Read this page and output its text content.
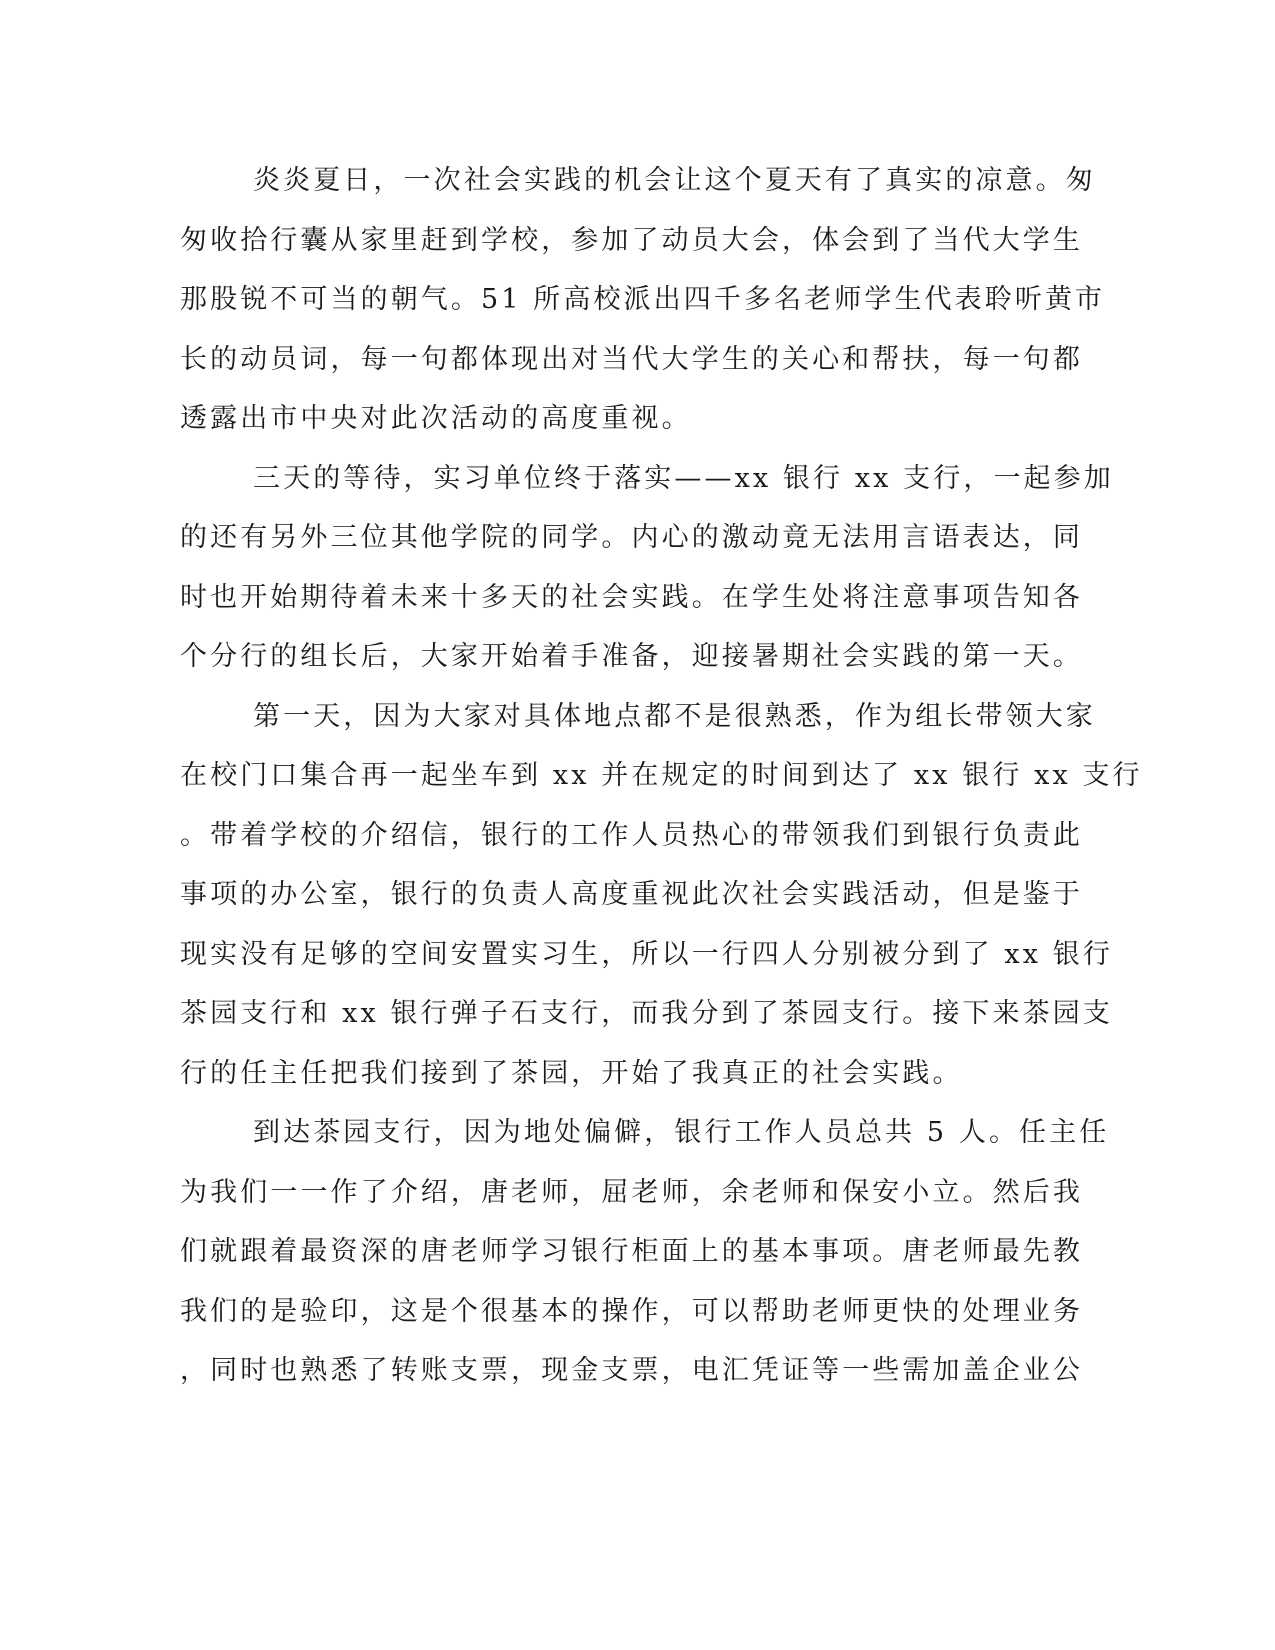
炎炎夏日，一次社会实践的机会让这个夏天有了真实的凉意。匆
匆收拾行囊从家里赶到学校，参加了动员大会，体会到了当代大学生
那股锐不可当的朝气。51 所高校派出四千多名老师学生代表聆听黄市
长的动员词，每一句都体现出对当代大学生的关心和帮扶，每一句都
透露出市中央对此次活动的高度重视。
三天的等待，实习单位终于落实——xx 银行 xx 支行，一起参加
的还有另外三位其他学院的同学。内心的激动竟无法用言语表达，同
时也开始期待着未来十多天的社会实践。在学生处将注意事项告知各
个分行的组长后，大家开始着手准备，迎接暑期社会实践的第一天。
第一天，因为大家对具体地点都不是很熟悉，作为组长带领大家
在校门口集合再一起坐车到 xx 并在规定的时间到达了 xx 银行 xx 支行
。带着学校的介绍信，银行的工作人员热心的带领我们到银行负责此
事项的办公室，银行的负责人高度重视此次社会实践活动，但是鉴于
现实没有足够的空间安置实习生，所以一行四人分别被分到了 xx 银行
茶园支行和 xx 银行弹子石支行，而我分到了茶园支行。接下来茶园支
行的任主任把我们接到了茶园，开始了我真正的社会实践。
到达茶园支行，因为地处偏僻，银行工作人员总共 5 人。任主任
为我们一一作了介绍，唐老师，屈老师，余老师和保安小立。然后我
们就跟着最资深的唐老师学习银行柜面上的基本事项。唐老师最先教
我们的是验印，这是个很基本的操作，可以帮助老师更快的处理业务
，同时也熟悉了转账支票，现金支票，电汇凭证等一些需加盖企业公
